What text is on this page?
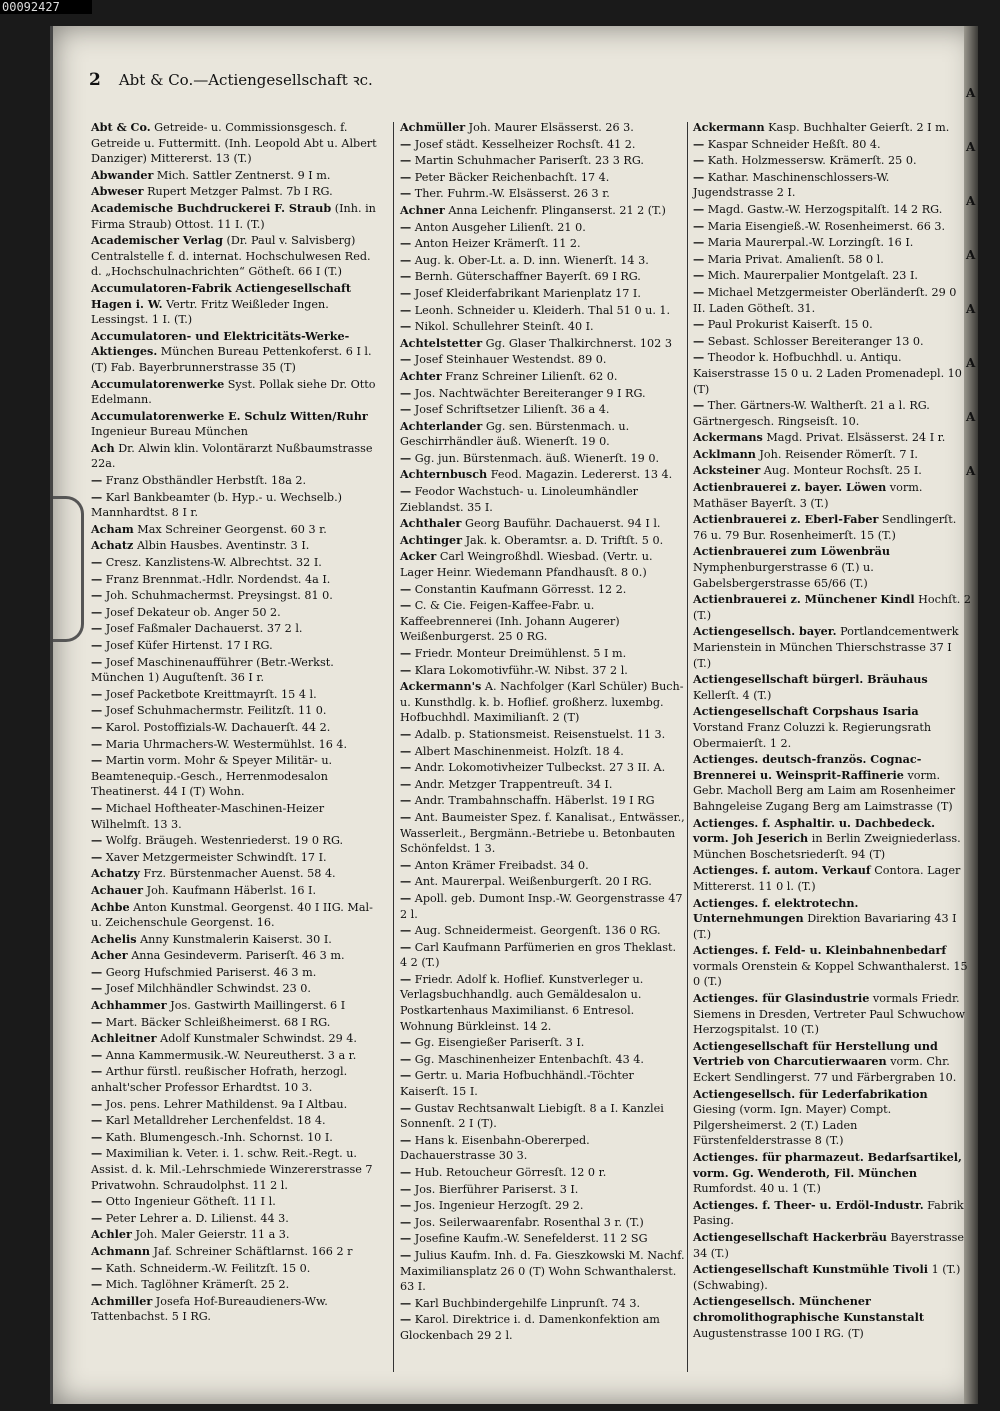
00092427
A
A
A
A
A
A
A
A
2 Abt & Co.—Actiengesellschaft ꝛc.
Abt & Co. Getreide- u. Commissionsgesch. f. Getreide u. Futtermitt. (Inh. Leopold Abt u. Albert Danziger) Mittererst. 13 (T.)
Abwander Mich. Sattler Zentnerst. 9 I m.
Abweser Rupert Metzger Palmst. 7b I RG.
Academische Buchdruckerei F. Straub (Inh. in Firma Straub) Ottost. 11 I. (T.)
Academischer Verlag (Dr. Paul v. Salvisberg) Centralstelle f. d. internat. Hochschulwesen Red. d. „Hochschulnachrichten“ Götheſt. 66 I (T.)
Accumulatoren-Fabrik Actiengesellschaft Hagen i. W. Vertr. Fritz Weißleder Ingen. Lessingst. 1 I. (T.)
Accumulatoren- und Elektricitäts-Werke-Aktienges. München Bureau Pettenkoferst. 6 I l. (T) Fab. Bayerbrunnerstrasse 35 (T)
Accumulatorenwerke Syst. Pollak siehe Dr. Otto Edelmann.
Accumulatorenwerke E. Schulz Witten/Ruhr Ingenieur Bureau München
Ach Dr. Alwin klin. Volontärarzt Nußbaumstrasse 22a.
— Franz Obsthändler Herbstſt. 18a 2.
— Karl Bankbeamter (b. Hyp.- u. Wechselb.) Mannhardtst. 8 I r.
Acham Max Schreiner Georgenst. 60 3 r.
Achatz Albin Hausbes. Aventinstr. 3 I.
— Cresz. Kanzlistens-W. Albrechtst. 32 I.
— Franz Brennmat.-Hdlr. Nordendst. 4a I.
— Joh. Schuhmachermst. Preysingst. 81 0.
— Josef Dekateur ob. Anger 50 2.
— Josef Faßmaler Dachauerst. 37 2 l.
— Josef Küfer Hirtenst. 17 I RG.
— Josef Maschinenaufführer (Betr.-Werkst. München 1) Auguſtenſt. 36 I r.
— Josef Packetbote Kreittmayrſt. 15 4 l.
— Josef Schuhmachermstr. Feilitzſt. 11 0.
— Karol. Postoffizials-W. Dachauerſt. 44 2.
— Maria Uhrmachers-W. Westermühlst. 16 4.
— Martin vorm. Mohr & Speyer Militär- u. Beamtenequip.-Gesch., Herrenmodesalon Theatinerst. 44 I (T) Wohn.
— Michael Hoftheater-Maschinen-Heizer Wilhelmſt. 13 3.
— Wolfg. Bräugeh. Westenriederst. 19 0 RG.
— Xaver Metzgermeister Schwindſt. 17 I.
Achatzy Frz. Bürstenmacher Auenst. 58 4.
Achauer Joh. Kaufmann Häberlst. 16 I.
Achbe Anton Kunstmal. Georgenst. 40 I IIG. Mal- u. Zeichenschule Georgenst. 16.
Achelis Anny Kunstmalerin Kaiserst. 30 I.
Acher Anna Gesindeverm. Pariserſt. 46 3 m.
— Georg Hufschmied Pariserst. 46 3 m.
— Josef Milchhändler Schwindst. 23 0.
Achhammer Jos. Gastwirth Maillingerst. 6 I
— Mart. Bäcker Schleißheimerst. 68 I RG.
Achleitner Adolf Kunstmaler Schwindst. 29 4.
— Anna Kammermusik.-W. Neureutherst. 3 a r.
— Arthur fürstl. reußischer Hofrath, herzogl. anhalt'scher Professor Erhardtst. 10 3.
— Jos. pens. Lehrer Mathildenst. 9a I Altbau.
— Karl Metalldreher Lerchenfeldst. 18 4.
— Kath. Blumengesch.-Inh. Schornst. 10 I.
— Maximilian k. Veter. i. 1. schw. Reit.-Regt. u. Assist. d. k. Mil.-Lehrschmiede Winzererstrasse 7 Privatwohn. Schraudolphst. 11 2 l.
— Otto Ingenieur Götheſt. 11 I l.
— Peter Lehrer a. D. Lilienst. 44 3.
Achler Joh. Maler Geierstr. 11 a 3.
Achmann Jaf. Schreiner Schäftlarnst. 166 2 r
— Kath. Schneiderm.-W. Feilitzſt. 15 0.
— Mich. Taglöhner Krämerſt. 25 2.
Achmiller Josefa Hof-Bureaudieners-Ww. Tattenbachst. 5 I RG.
Achmüller Joh. Maurer Elsässerst. 26 3.
— Josef städt. Kesselheizer Rochsſt. 41 2.
— Martin Schuhmacher Pariserſt. 23 3 RG.
— Peter Bäcker Reichenbachſt. 17 4.
— Ther. Fuhrm.-W. Elsässerst. 26 3 r.
Achner Anna Leichenfr. Plinganserst. 21 2 (T.)
— Anton Ausgeher Lilienſt. 21 0.
— Anton Heizer Krämerſt. 11 2.
— Aug. k. Ober-Lt. a. D. inn. Wienerſt. 14 3.
— Bernh. Güterschaffner Bayerſt. 69 I RG.
— Josef Kleiderfabrikant Marienplatz 17 I.
— Leonh. Schneider u. Kleiderh. Thal 51 0 u. 1.
— Nikol. Schullehrer Steinſt. 40 I.
Achtelstetter Gg. Glaser Thalkirchnerst. 102 3
— Josef Steinhauer Westendst. 89 0.
Achter Franz Schreiner Lilienſt. 62 0.
— Jos. Nachtwächter Bereiteranger 9 I RG.
— Josef Schriftsetzer Lilienſt. 36 a 4.
Achterlander Gg. sen. Bürstenmach. u. Geschirrhändler äuß. Wienerſt. 19 0.
— Gg. jun. Bürstenmach. äuß. Wienerſt. 19 0.
Achternbusch Feod. Magazin. Ledererst. 13 4.
— Feodor Wachstuch- u. Linoleumhändler Zieblandst. 35 I.
Achthaler Georg Bauführ. Dachauerst. 94 I l.
Achtinger Jak. k. Oberamtsr. a. D. Triftſt. 5 0.
Acker Carl Weingroßhdl. Wiesbad. (Vertr. u. Lager Heinr. Wiedemann Pfandhausſt. 8 0.)
— Constantin Kaufmann Görresst. 12 2.
— C. & Cie. Feigen-Kaffee-Fabr. u. Kaffeebrennerei (Inh. Johann Augerer) Weißenburgerst. 25 0 RG.
— Friedr. Monteur Dreimühlenst. 5 I m.
— Klara Lokomotivführ.-W. Nibst. 37 2 l.
Ackermann's A. Nachfolger (Karl Schüler) Buch- u. Kunsthdlg. k. b. Hoflief. großherz. luxembg. Hofbuchhdl. Maximilianſt. 2 (T)
— Adalb. p. Stationsmeist. Reisenstuelst. 11 3.
— Albert Maschinenmeist. Holzſt. 18 4.
— Andr. Lokomotivheizer Tulbeckst. 27 3 II. A.
— Andr. Metzger Trappentreuſt. 34 I.
— Andr. Trambahnschaffn. Häberlst. 19 I RG
— Ant. Baumeister Spez. f. Kanalisat., Entwässer., Wasserleit., Bergmänn.-Betriebe u. Betonbauten Schönfeldst. 1 3.
— Anton Krämer Freibadst. 34 0.
— Ant. Maurerpal. Weißenburgerſt. 20 I RG.
— Apoll. geb. Dumont Insp.-W. Georgenstrasse 47 2 l.
— Aug. Schneidermeist. Georgenſt. 136 0 RG.
— Carl Kaufmann Parfümerien en gros Theklast. 4 2 (T.)
— Friedr. Adolf k. Hoflief. Kunstverleger u. Verlagsbuchhandlg. auch Gemäldesalon u. Postkartenhaus Maximilianst. 6 Entresol. Wohnung Bürkleinst. 14 2.
— Gg. Eisengießer Pariserſt. 3 I.
— Gg. Maschinenheizer Entenbachſt. 43 4.
— Gertr. u. Maria Hofbuchhändl.-Töchter Kaiserſt. 15 I.
— Gustav Rechtsanwalt Liebigſt. 8 a I. Kanzlei Sonnenſt. 2 I (T).
— Hans k. Eisenbahn-Obererped. Dachauerstrasse 30 3.
— Hub. Retoucheur Görresſt. 12 0 r.
— Jos. Bierführer Pariserst. 3 I.
— Jos. Ingenieur Herzogſt. 29 2.
— Jos. Seilerwaarenfabr. Rosenthal 3 r. (T.)
— Josefine Kaufm.-W. Senefelderst. 11 2 SG
— Julius Kaufm. Inh. d. Fa. Gieszkowski M. Nachf. Maximiliansplatz 26 0 (T) Wohn Schwanthalerst. 63 I.
— Karl Buchbindergehilfe Linprunſt. 74 3.
— Karol. Direktrice i. d. Damenkonfektion am Glockenbach 29 2 l.
Ackermann Kasp. Buchhalter Geierſt. 2 I m.
— Kaspar Schneider Heßſt. 80 4.
— Kath. Holzmessersw. Krämerſt. 25 0.
— Kathar. Maschinenschlossers-W. Jugendstrasse 2 I.
— Magd. Gastw.-W. Herzogspitalſt. 14 2 RG.
— Maria Eisengieß.-W. Rosenheimerst. 66 3.
— Maria Maurerpal.-W. Lorzingſt. 16 I.
— Maria Privat. Amalienſt. 58 0 l.
— Mich. Maurerpalier Montgelaſt. 23 I.
— Michael Metzgermeister Oberländerſt. 29 0 II. Laden Götheſt. 31.
— Paul Prokurist Kaiserſt. 15 0.
— Sebast. Schlosser Bereiteranger 13 0.
— Theodor k. Hofbuchhdl. u. Antiqu. Kaiserstrasse 15 0 u. 2 Laden Promenadepl. 10 (T)
— Ther. Gärtners-W. Waltherſt. 21 a l. RG. Gärtnergesch. Ringseisſt. 10.
Ackermans Magd. Privat. Elsässerst. 24 I r.
Acklmann Joh. Reisender Römerſt. 7 I.
Acksteiner Aug. Monteur Rochsſt. 25 I.
Actienbrauerei z. bayer. Löwen vorm. Mathäser Bayerſt. 3 (T.)
Actienbrauerei z. Eberl-Faber Sendlingerſt. 76 u. 79 Bur. Rosenheimerſt. 15 (T.)
Actienbrauerei zum Löwenbräu Nymphenburgerstrasse 6 (T.) u. Gabelsbergerstrasse 65/66 (T.)
Actienbrauerei z. Münchener Kindl Hochſt. 2 (T.)
Actiengesellsch. bayer. Portlandcementwerk Marienstein in München Thierschstrasse 37 I (T.)
Actiengesellschaft bürgerl. Bräuhaus Kellerſt. 4 (T.)
Actiengesellschaft Corpshaus Isaria Vorstand Franz Coluzzi k. Regierungsrath Obermaierſt. 1 2.
Actienges. deutsch-französ. Cognac-Brennerei u. Weinsprit-Raffinerie vorm. Gebr. Macholl Berg am Laim am Rosenheimer Bahngeleise Zugang Berg am Laimstrasse (T)
Actienges. f. Asphaltir. u. Dachbedeck. vorm. Joh Jeserich in Berlin Zweigniederlass. München Boschetsriederſt. 94 (T)
Actienges. f. autom. Verkauf Contora. Lager Mittererst. 11 0 l. (T.)
Actienges. f. elektrotechn. Unternehmungen Direktion Bavariaring 43 I (T.)
Actienges. f. Feld- u. Kleinbahnenbedarf vormals Orenstein & Koppel Schwanthalerst. 15 0 (T.)
Actienges. für Glasindustrie vormals Friedr. Siemens in Dresden, Vertreter Paul Schwuchow Herzogspitalst. 10 (T.)
Actiengesellschaft für Herstellung und Vertrieb von Charcutierwaaren vorm. Chr. Eckert Sendlingerst. 77 und Färbergraben 10.
Actiengesellsch. für Lederfabrikation Giesing (vorm. Ign. Mayer) Compt. Pilgersheimerst. 2 (T.) Laden Fürstenfelderstrasse 8 (T.)
Actienges. für pharmazeut. Bedarfsartikel, vorm. Gg. Wenderoth, Fil. München Rumfordst. 40 u. 1 (T.)
Actienges. f. Theer- u. Erdöl-Industr. Fabrik Pasing.
Actiengesellschaft Hackerbräu Bayerstrasse 34 (T.)
Actiengesellschaft Kunstmühle Tivoli 1 (T.) (Schwabing).
Actiengesellsch. Münchener chromolithographische Kunstanstalt Augustenstrasse 100 I RG. (T)
